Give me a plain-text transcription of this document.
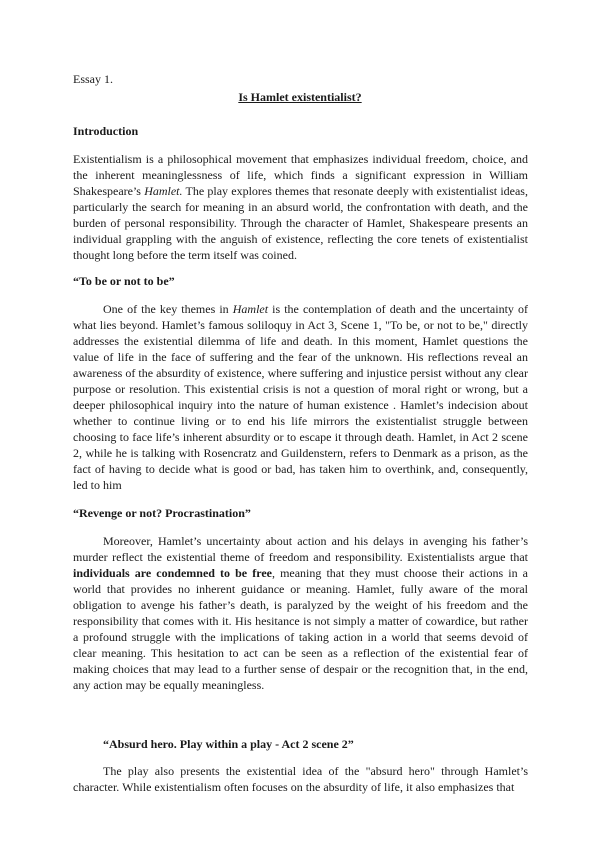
Essay 1.
Is Hamlet existentialist?
Introduction

Existentialism is a philosophical movement that emphasizes individual freedom, choice, and the inherent meaninglessness of life, which finds a significant expression in William Shakespeare’s Hamlet. The play explores themes that resonate deeply with existentialist ideas, particularly the search for meaning in an absurd world, the confrontation with death, and the burden of personal responsibility. Through the character of Hamlet, Shakespeare presents an individual grappling with the anguish of existence, reflecting the core tenets of existentialist thought long before the term itself was coined.

“To be or not to be”

One of the key themes in Hamlet is the contemplation of death and the uncertainty of what lies beyond. Hamlet’s famous soliloquy in Act 3, Scene 1, "To be, or not to be," directly addresses the existential dilemma of life and death. In this moment, Hamlet questions the value of life in the face of suffering and the fear of the unknown. His reflections reveal an awareness of the absurdity of existence, where suffering and injustice persist without any clear purpose or resolution. This existential crisis is not a question of moral right or wrong, but a deeper philosophical inquiry into the nature of human existence . Hamlet’s indecision about whether to continue living or to end his life mirrors the existentialist struggle between choosing to face life’s inherent absurdity or to escape it through death. Hamlet, in Act 2 scene 2, while he is talking with Rosencratz and Guildenstern, refers to Denmark as a prison, as the fact of having to decide what is good or bad, has taken him to overthink, and, consequently, led to him

“Revenge or not? Procrastination”

Moreover, Hamlet’s uncertainty about action and his delays in avenging his father’s murder reflect the existential theme of freedom and responsibility. Existentialists argue that individuals are condemned to be free, meaning that they must choose their actions in a world that provides no inherent guidance or meaning. Hamlet, fully aware of the moral obligation to avenge his father’s death, is paralyzed by the weight of his freedom and the responsibility that comes with it. His hesitance is not simply a matter of cowardice, but rather a profound struggle with the implications of taking action in a world that seems devoid of clear meaning. This hesitation to act can be seen as a reflection of the existential fear of making choices that may lead to a further sense of despair or the recognition that, in the end, any action may be equally meaningless.

“Absurd hero. Play within a play - Act 2 scene 2”

The play also presents the existential idea of the "absurd hero" through Hamlet’s character. While existentialism often focuses on the absurdity of life, it also emphasizes that
